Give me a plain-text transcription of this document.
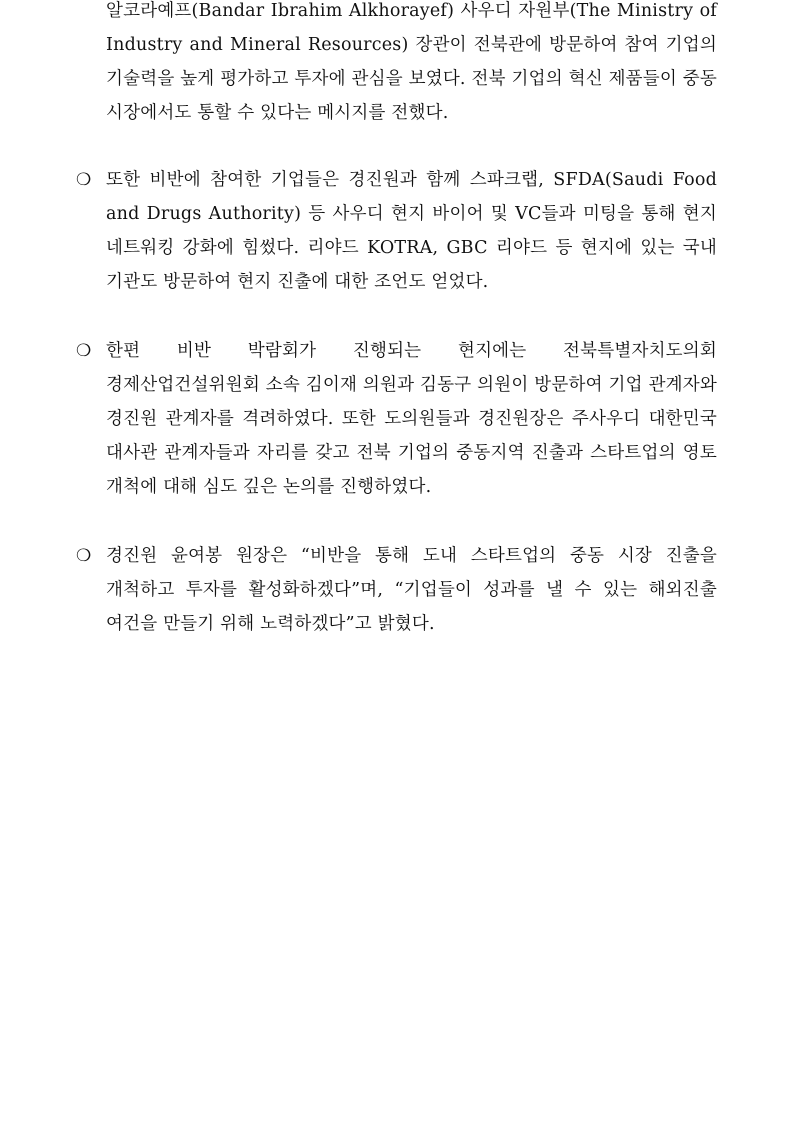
알코라예프(Bandar Ibrahim Alkhorayef) 사우디 자원부(The Ministry of Industry and Mineral Resources) 장관이 전북관에 방문하여 참여 기업의 기술력을 높게 평가하고 투자에 관심을 보였다. 전북 기업의 혁신 제품들이 중동 시장에서도 통할 수 있다는 메시지를 전했다.
❍ 또한 비반에 참여한 기업들은 경진원과 함께 스파크랩, SFDA(Saudi Food and Drugs Authority) 등 사우디 현지 바이어 및 VC들과 미팅을 통해 현지 네트워킹 강화에 힘썼다. 리야드 KOTRA, GBC 리야드 등 현지에 있는 국내 기관도 방문하여 현지 진출에 대한 조언도 얻었다.
❍ 한편 비반 박람회가 진행되는 현지에는 전북특별자치도의회 경제산업건설위원회 소속 김이재 의원과 김동구 의원이 방문하여 기업 관계자와 경진원 관계자를 격려하였다. 또한 도의원들과 경진원장은 주사우디 대한민국 대사관 관계자들과 자리를 갖고 전북 기업의 중동지역 진출과 스타트업의 영토 개척에 대해 심도 깊은 논의를 진행하였다.
❍ 경진원 윤여봉 원장은 “비반을 통해 도내 스타트업의 중동 시장 진출을 개척하고 투자를 활성화하겠다”며, “기업들이 성과를 낼 수 있는 해외진출 여건을 만들기 위해 노력하겠다”고 밝혔다.
